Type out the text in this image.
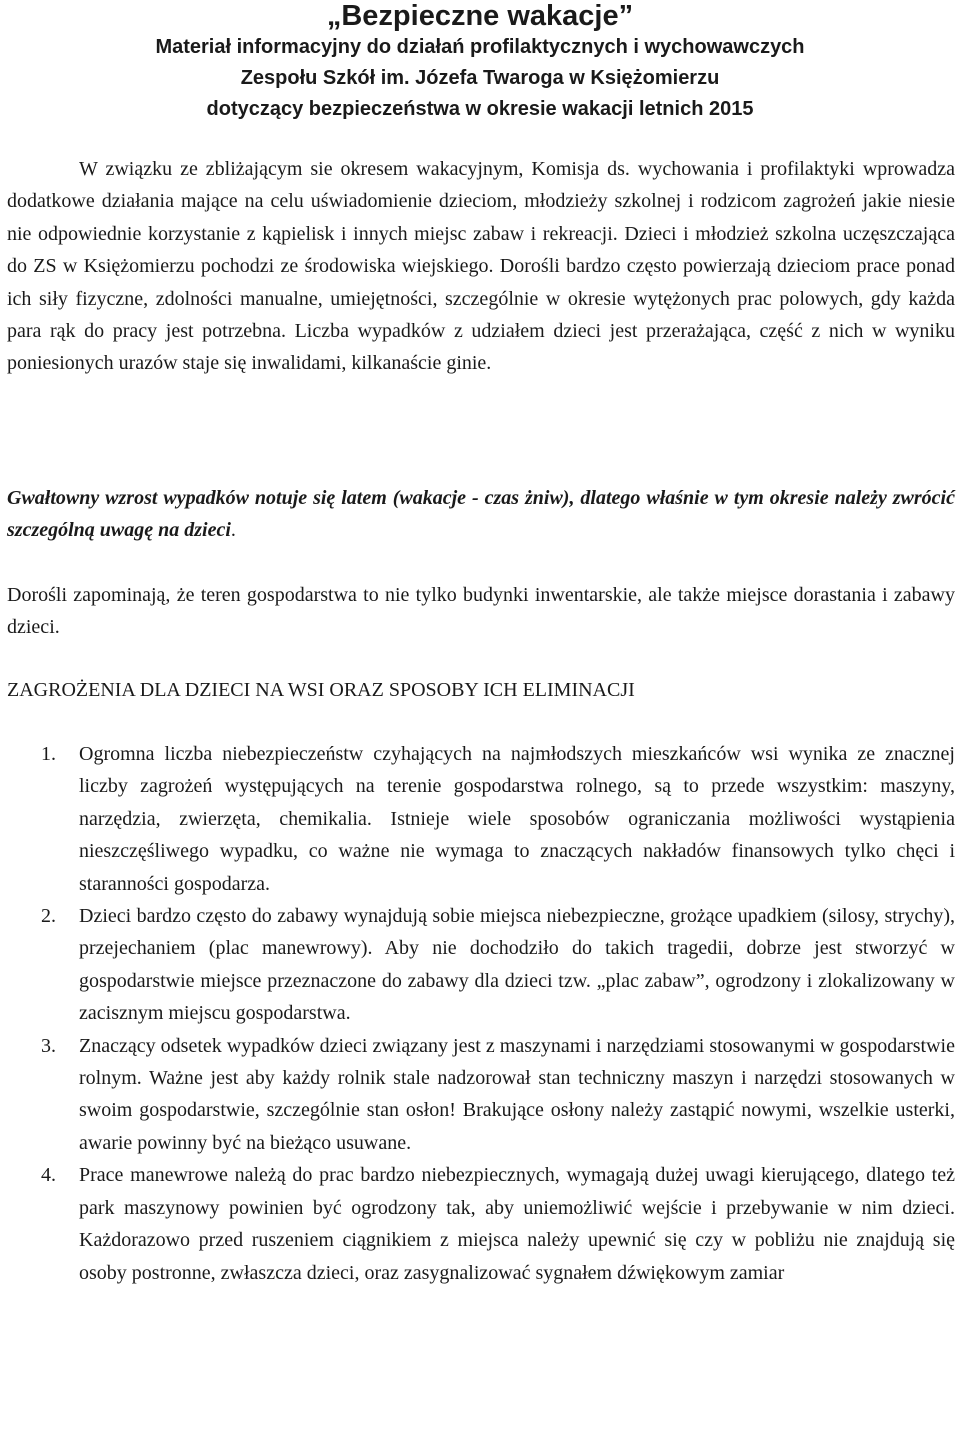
„Bezpieczne wakacje”

Materiał informacyjny do działań profilaktycznych i wychowawczych

Zespołu Szkół im. Józefa Twaroga w Księżomierzu

dotyczący bezpieczeństwa w okresie wakacji letnich 2015

W związku ze zbliżającym sie okresem wakacyjnym, Komisja ds. wychowania i profilaktyki wprowadza dodatkowe działania mające na celu uświadomienie dzieciom, młodzieży szkolnej i rodzicom zagrożeń jakie niesie nie odpowiednie korzystanie z kąpielisk i innych miejsc zabaw i rekreacji. Dzieci i młodzież szkolna uczęszczająca do ZS w Księżomierzu pochodzi ze środowiska wiejskiego. Dorośli bardzo często powierzają dzieciom prace ponad ich siły fizyczne, zdolności manualne, umiejętności, szczególnie w okresie wytężonych prac polowych, gdy każda para rąk do pracy jest potrzebna. Liczba wypadków z udziałem dzieci jest przerażająca, część z nich w wyniku poniesionych urazów staje się inwalidami, kilkanaście ginie.

Gwałtowny wzrost wypadków notuje się latem (wakacje - czas żniw), dlatego właśnie w tym okresie należy zwrócić szczególną uwagę na dzieci.

Dorośli zapominają, że teren gospodarstwa to nie tylko budynki inwentarskie, ale także miejsce dorastania i zabawy dzieci.

ZAGROŻENIA DLA DZIECI NA WSI ORAZ SPOSOBY ICH ELIMINACJI
1. Ogromna liczba niebezpieczeństw czyhających na najmłodszych mieszkańców wsi wynika ze znacznej liczby zagrożeń występujących na terenie gospodarstwa rolnego, są to przede wszystkim: maszyny, narzędzia, zwierzęta, chemikalia. Istnieje wiele sposobów ograniczania możliwości wystąpienia nieszczęśliwego wypadku, co ważne nie wymaga to znaczących nakładów finansowych tylko chęci i staranności gospodarza.
2. Dzieci bardzo często do zabawy wynajdują sobie miejsca niebezpieczne, grożące upadkiem (silosy, strychy), przejechaniem (plac manewrowy). Aby nie dochodziło do takich tragedii, dobrze jest stworzyć w gospodarstwie miejsce przeznaczone do zabawy dla dzieci tzw. „plac zabaw”, ogrodzony i zlokalizowany w zacisznym miejscu gospodarstwa.
3. Znaczący odsetek wypadków dzieci związany jest z maszynami i narzędziami stosowanymi w gospodarstwie rolnym. Ważne jest aby każdy rolnik stale nadzorował stan techniczny maszyn i narzędzi stosowanych w swoim gospodarstwie, szczególnie stan osłon! Brakujące osłony należy zastąpić nowymi, wszelkie usterki, awarie powinny być na bieżąco usuwane.
4. Prace manewrowe należą do prac bardzo niebezpiecznych, wymagają dużej uwagi kierującego, dlatego też park maszynowy powinien być ogrodzony tak, aby uniemożliwić wejście i przebywanie w nim dzieci. Każdorazowo przed ruszeniem ciągnikiem z miejsca należy upewnić się czy w pobliżu nie znajdują się osoby postronne, zwłaszcza dzieci, oraz zasygnalizować sygnałem dźwiękowym zamiar
